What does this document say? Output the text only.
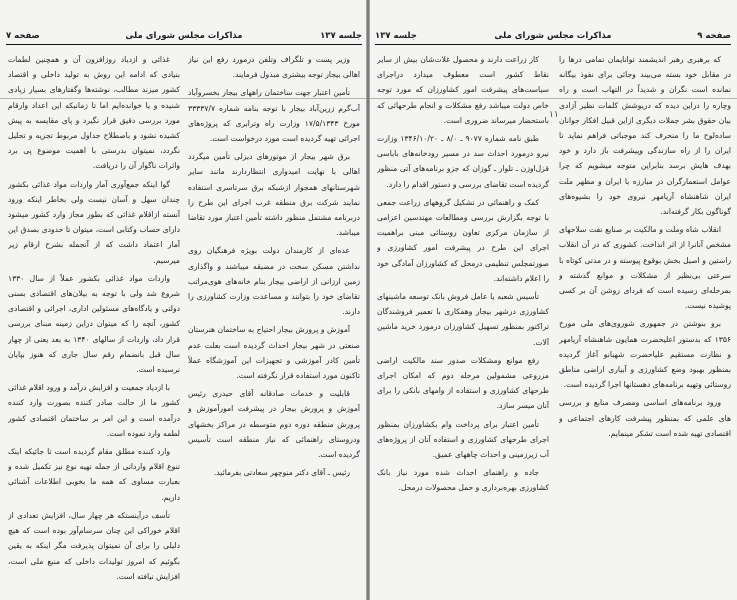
صفحه ۷	مذاکرات مجلس شورای ملی	جلسه ۱۳۷

وزیر پست و تلگراف وتلفن درمورد رفع این نیاز اهالی بیجار توجه بیشتری مبذول فرمایند.

تأمین اعتبار جهت ساختمان راههای بیجار بخسروآباد آب‌گرم زرین‌آباد بیجار با توجه بنامه شماره ۳۳۳۳۷/۷ مورخ ۱۷/۵/۱۳۴۳ وزارت راه وترابری که پروژه‌های اجرائی تهیه گردیده است مورد درخواست است.

برق شهر بیجار از موتورهای دیزلی تأمین میگردد اهالی با نهایت امیدواری انتظاردارند مانند سایر شهرستانهای همجوار ازشبکه برق سرتاسری استفاده نمایند شرکت برق منطقه غرب اجرای این طرح را دربرنامه مشتمل منظور داشته تأمین اعتبار مورد تقاضا میباشد.

عده‌ای از کارمندان دولت بویژه فرهنگیان روی نداشتن مسکن سخت در مضیقه میباشند و واگذاری زمین ارزانی از اراضی بیجار بنام خانه‌های هوی‌مراتب تقاضای خود را بتوانند و مساعدت وزارت کشاورزی را دارند.

آموزش و پرورش بیجار احتیاج به ساختمان هنرستان صنعتی در شهر بیجار احداث گردیده است بعلت عدم تأمین کادر آموزشی و تجهیزات این آموزشگاه عملاً تاکنون مورد استفاده قرار نگرفته است.

قابلیت و خدمات صادقانه آقای حیدری رئیس آموزش و پرورش بیجار در پیشرفت امورآموزش و پرورش منطقه دوره دوم متوسطه در مراکز بخشهای ودروستای راهنمائی که نیاز منطقه است تأسیس گردیده است.

رئیس ـ آقای دکتر منوچهر سعادتی بفرمائید.

غذائی و ازدیاد روزافزون آن و همچنین لطمات بنیادی که ادامه این روش به تولید داخلی و اقتصاد کشور میزند مطالب، نوشته‌ها وگفتارهای بسیار زیادی شنیده و یا خوانده‌ایم اما تا زمانیکه این اعداد وارقام مورد بررسی دقیق قرار نگیرد و پای مقایسه به پیش کشیده نشود و باصطلاح جداول مربوط تجزیه و تحلیل نگردد، نمیتوان بدرستی با اهمیت موضوع پی برد واثرات ناگوار آن را دریافت.

گوا اینکه جمع‌آوری آمار واردات مواد غذائی بکشور چندان سهل و آسان نیست ولی بخاطر اینکه ورود آنسته ازاقلام غذائی که بطور مجاز وارد کشور میشود دارای حساب وکتابی است، میتوان تا حدودی بصدق این آمار اعتماد داشت که از آنجمله بشرح ارقام زیر میرسیم.

واردات مواد غذائی بکشور عملاً از سال ۱۳۳۰ شروع شد ولی با توجه به بیلان‌های اقتصادی بسنی دولتی و یادگاه‌های مسئولین اداری، اجرائی و اقتصادی کشور، آنچه را که میتوان دراین زمینه مبنای بررسی قرار داد، واردات از سالهای ۱۳۴۰ به بعد یعنی از چهار سال قبل بانضمام رقم سال جاری که هنوز بپایان نرسیده است.

با ازدیاد جمعیت و افزایش درآمد و ورود اقلام غذائی کشور ما از حالت صادر کننده بصورت وارد کننده درآمده است و این امر بر ساختمان اقتصادی کشور لطمه وارد نموده است.

وارد کننده مطلق مقام گردیده است تا جائیکه اینک تنوع اقلام وارداتی از جمله تهیه نوع نیز تکمیل شده و بعبارت مساوی که همه ما بخوبی اطلاعات آشنائی داریم.

تأسف درآینستکه هر چهار سال، افزایش تعدادی از اقلام خوراکی این چنان سرسام‌آور بوده است که هیچ دلیلی را برای آن نمیتوان پذیرفت مگر اینکه به یقین بگوئیم که امروز تولیدات داخلی که منبع ملی است، افزایش نیافته است.

جلسه ۱۳۷	مذاکرات مجلس شورای ملی	صفحه ۹

که برهبری رهبر اندیشمند توانایمان تمامی درها را در مقابل خود بسته می‌بیند وجائی برای نفوذ بیگانه نمانده است نگران و شدیداً در التهاب است و راه وچاره را دراین دیده که دریوشش کلمات نظیر آزادی بیان حقوق بشر جملات دیگری ازاین قبیل افکار جوانان ساده‌لوح ما را منحرف کند موجباتی فراهم نماید تا ایران را از راه سازندگی وپیشرفت باز دارد و خود بهدف هایش برسد بنابراین متوجه میشویم که چرا عوامل استعمارگران در مبارزه با ایران و مظهر ملت ایران شاهنشاه آریامهر نیروی خود را بشیوه‌های گوناگون بکار گرفته‌اند.

انقلاب شاه وملت و مالکیت بر صنایع نفت سلاحهای مشخص آنانرا از اثر انداخت. کشوری که در آن انقلاب راستین و اصیل بخش بوقوع پیوسته و در مدتی کوتاه با سرعتی بی‌نظیر از مشکلات و موانع گذشته و بمرحله‌ای رسیده است که فردای روشن آن بر کسی پوشیده نیست.

برو بنوشتن در جمهوری شوروی‌های ملی مورخ ۱۳۵۶ که بدستور اعلیحضرت همایون شاهنشاه آریامهر و نظارت مستقیم علیاحضرت شهبانو آغاز گردیده بمنظور بهبود وضع کشاورزی و آبیاری اراضی مناطق روستائی وتهیه برنامه‌های دهستانها اجرا گردیده است.

ورود برنامه‌های اساسی ومصرف منابع و بررسی های علمی که بمنظور پیشرفت کارهای اجتماعی و اقتصادی تهیه شده است تشکر مینمایم.

کار زراعت دارند و محصول غلات‌شان بیش از سایر نقاط کشور است معطوف میدارد دراجرای سیاست‌های پیشرفت امور کشاورزان که مورد توجه خاص دولت میباشد رفع مشکلات و انجام طرحهائی که باستحضار میرساند ضروری است.

طبق نامه شماره ۹۰۷۷ ـ ۸/۰ ـ ۱۳۴۶/۱۰/۲۰ وزارت نیرو درمورد احداث سد در مسیر رودخانه‌های باباسی قزل‌اوزن ـ تلوار ـ گوزان که جزو برنامه‌های آتی منظور گردیده است تقاضای بررسی و دستور اقدام را دارد.

کمک و راهنمائی در تشکیل گروههای زراعت جمعی با توجه بگزارش بررسی ومطالعات مهندسین اعزامی از سازمان مرکزی تعاون روستائی مبنی براهمیت اجرای این طرح در پیشرفت امور کشاورزی و صورتمجلس تنظیمی درمحل که کشاورزان آمادگی خود را اعلام داشته‌اند.

تأسیس شعبه یا عامل فروش بانک توسعه ماشینهای کشاورزی درشهر بیجار وهمکاری با تعمیر فروشندگان تراکتور بمنظور تسهیل کشاورزان درمورد خرید ماشین آلات.

رفع موانع ومشکلات صدور سند مالکیت اراضی مزروعی مشمولین مرحله دوم که امکان اجرای طرحهای کشاورزی و استفاده از وامهای بانکی را برای آنان میسر سازد.

تأمین اعتبار برای پرداخت وام بکشاورزان بمنظور اجرای طرحهای کشاورزی و استفاده آنان از پروژه‌های آب زیرزمینی و احداث چاههای عمیق.

جاده و راهنمای احداث شده مورد نیاز بانک کشاورزی بهره‌برداری و حمل محصولات درمحل.

۱۱
